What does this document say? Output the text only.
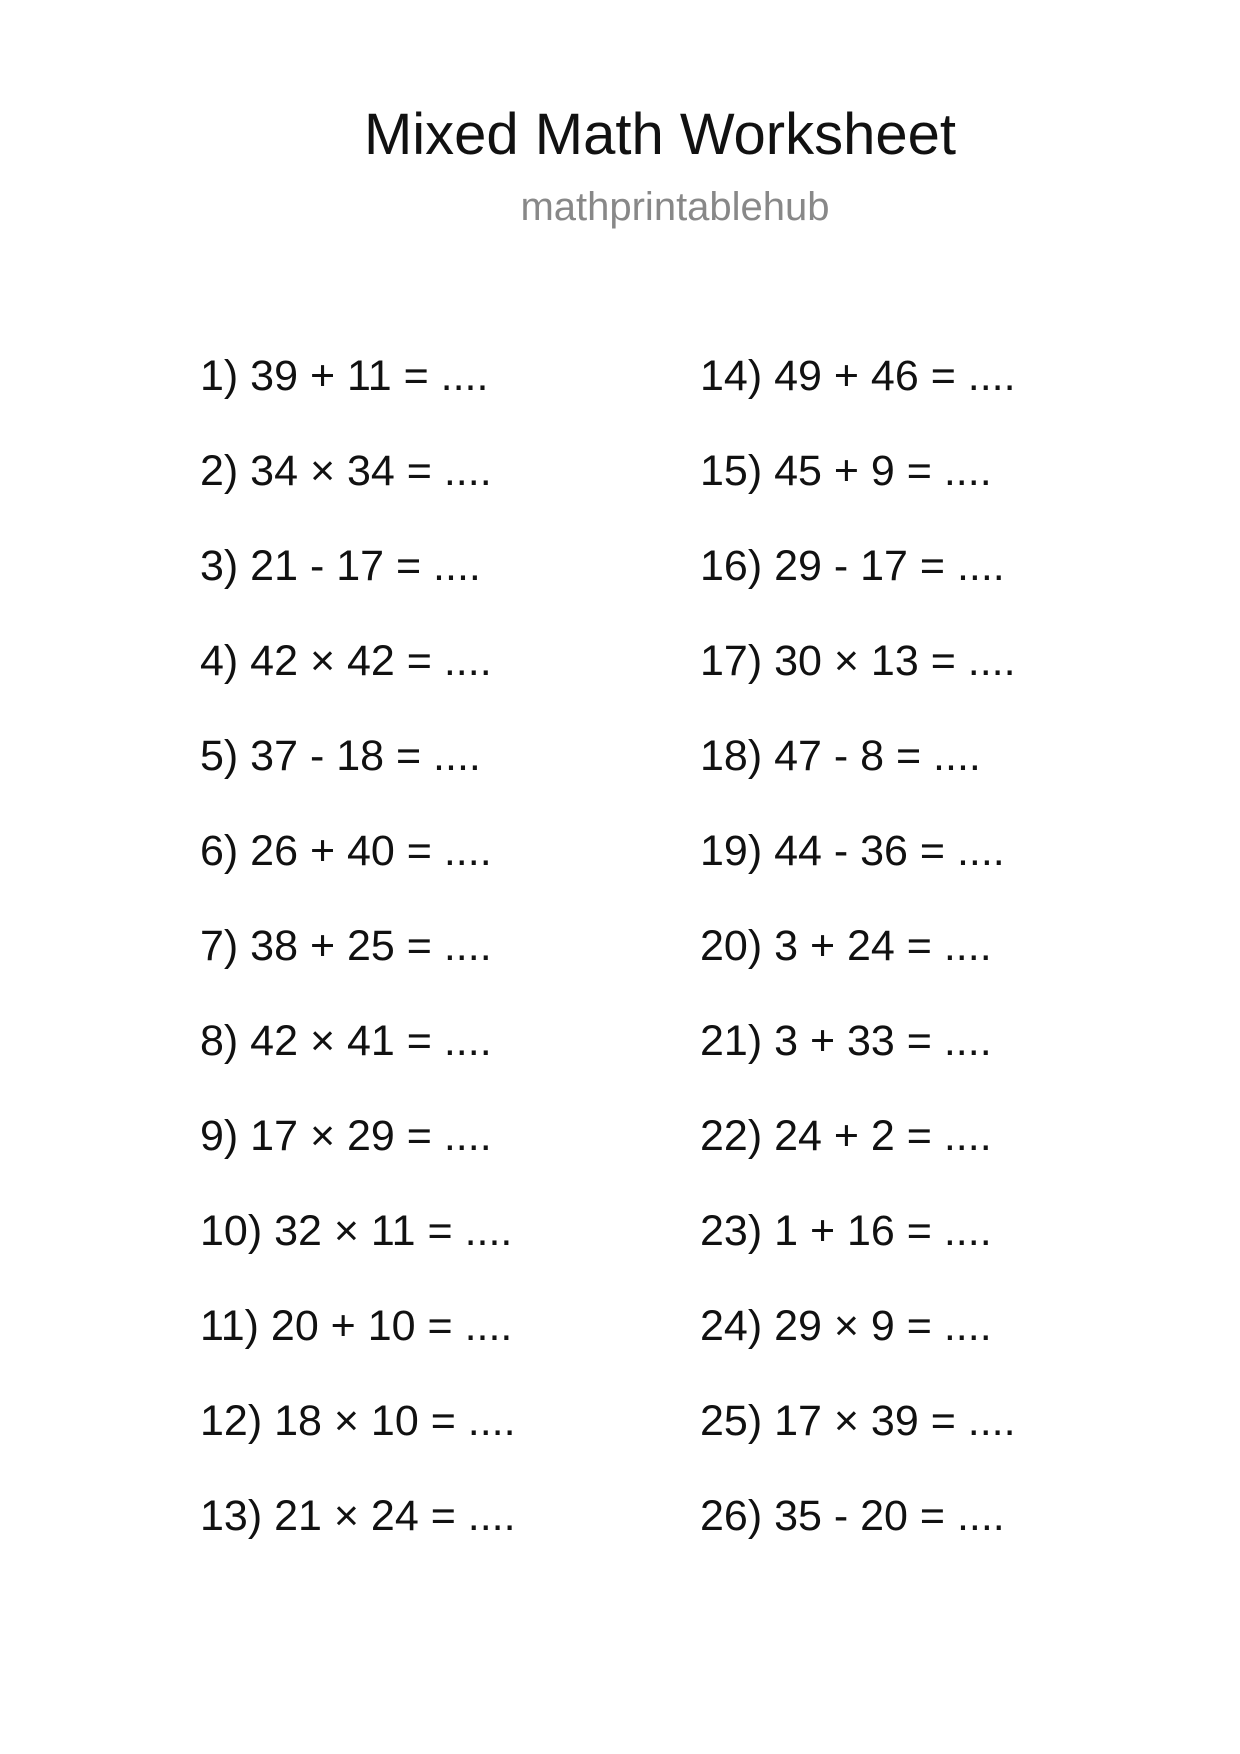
Mixed Math Worksheet
mathprintablehub
1) 39 + 11 = ....
2) 34 × 34 = ....
3) 21 - 17 = ....
4) 42 × 42 = ....
5) 37 - 18 = ....
6) 26 + 40 = ....
7) 38 + 25 = ....
8) 42 × 41 = ....
9) 17 × 29 = ....
10) 32 × 11 = ....
11) 20 + 10 = ....
12) 18 × 10 = ....
13) 21 × 24 = ....
14) 49 + 46 = ....
15) 45 + 9 = ....
16) 29 - 17 = ....
17) 30 × 13 = ....
18) 47 - 8 = ....
19) 44 - 36 = ....
20) 3 + 24 = ....
21) 3 + 33 = ....
22) 24 + 2 = ....
23) 1 + 16 = ....
24) 29 × 9 = ....
25) 17 × 39 = ....
26) 35 - 20 = ....
